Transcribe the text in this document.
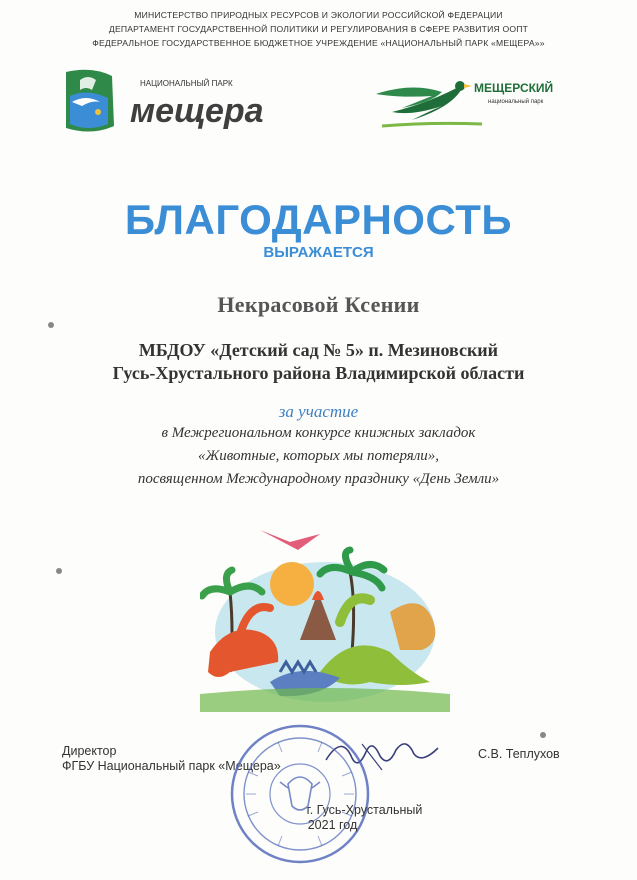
МИНИСТЕРСТВО ПРИРОДНЫХ РЕСУРСОВ И ЭКОЛОГИИ РОССИЙСКОЙ ФЕДЕРАЦИИ
ДЕПАРТАМЕНТ ГОСУДАРСТВЕННОЙ ПОЛИТИКИ И РЕГУЛИРОВАНИЯ В СФЕРЕ РАЗВИТИЯ ООПТ
ФЕДЕРАЛЬНОЕ ГОСУДАРСТВЕННОЕ БЮДЖЕТНОЕ УЧРЕЖДЕНИЕ «НАЦИОНАЛЬНЫЙ ПАРК «МЕЩЕРА»»
НАЦИОНАЛЬНЫЙ ПАРК
мещера
МЕЩЕРСКИЙ
национальный парк
БЛАГОДАРНОСТЬ
ВЫРАЖАЕТСЯ
Некрасовой Ксении
МБДОУ «Детский сад № 5» п. Мезиновский
Гусь-Хрустального района Владимирской области
за участие
в Межрегиональном конкурсе книжных закладок
«Животные, которых мы потеряли»,
посвященном Международному празднику «День Земли»
Директор
ФГБУ Национальный парк «Мещера»
С.В. Теплухов
г. Гусь-Хрустальный
2021 год
